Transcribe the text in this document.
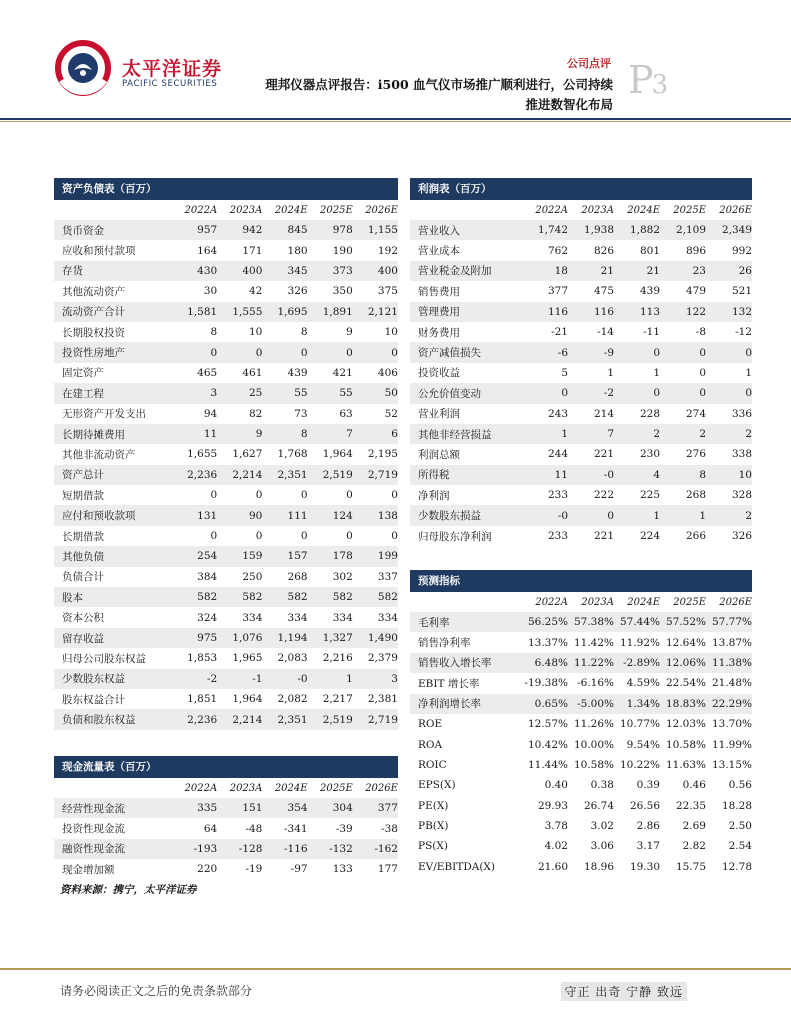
太平洋证券
PACIFIC SECURITIES
公司点评
理邦仪器点评报告：i500 血气仪市场推广顺利进行，公司持续
推进数智化布局
P3
资产负债表（百万）
2022A	2023A	2024E	2025E	2026E
货币资金	957	942	845	978	1,155
应收和预付款项	164	171	180	190	192
存货	430	400	345	373	400
其他流动资产	30	42	326	350	375
流动资产合计	1,581	1,555	1,695	1,891	2,121
长期股权投资	8	10	8	9	10
投资性房地产	0	0	0	0	0
固定资产	465	461	439	421	406
在建工程	3	25	55	55	50
无形资产开发支出	94	82	73	63	52
长期待摊费用	11	9	8	7	6
其他非流动资产	1,655	1,627	1,768	1,964	2,195
资产总计	2,236	2,214	2,351	2,519	2,719
短期借款	0	0	0	0	0
应付和预收款项	131	90	111	124	138
长期借款	0	0	0	0	0
其他负债	254	159	157	178	199
负债合计	384	250	268	302	337
股本	582	582	582	582	582
资本公积	324	334	334	334	334
留存收益	975	1,076	1,194	1,327	1,490
归母公司股东权益	1,853	1,965	2,083	2,216	2,379
少数股东权益	-2	-1	-0	1	3
股东权益合计	1,851	1,964	2,082	2,217	2,381
负债和股东权益	2,236	2,214	2,351	2,519	2,719
利润表（百万）
2022A	2023A	2024E	2025E	2026E
营业收入	1,742	1,938	1,882	2,109	2,349
营业成本	762	826	801	896	992
营业税金及附加	18	21	21	23	26
销售费用	377	475	439	479	521
管理费用	116	116	113	122	132
财务费用	-21	-14	-11	-8	-12
资产减值损失	-6	-9	0	0	0
投资收益	5	1	1	0	1
公允价值变动	0	-2	0	0	0
营业利润	243	214	228	274	336
其他非经营损益	1	7	2	2	2
利润总额	244	221	230	276	338
所得税	11	-0	4	8	10
净利润	233	222	225	268	328
少数股东损益	-0	0	1	1	2
归母股东净利润	233	221	224	266	326
预测指标
2022A	2023A	2024E	2025E	2026E
毛利率	56.25% 57.38% 57.44% 57.52% 57.77%
销售净利率	13.37% 11.42% 11.92% 12.64% 13.87%
销售收入增长率	6.48% 11.22% -2.89% 12.06% 11.38%
EBIT 增长率	-19.38% -6.16%	4.59% 22.54% 21.48%
净利润增长率	0.65% -5.00%	1.34% 18.83% 22.29%
ROE	12.57% 11.26% 10.77% 12.03% 13.70%
ROA	10.42% 10.00%	9.54% 10.58% 11.99%
ROIC	11.44% 10.58% 10.22% 11.63% 13.15%
EPS(X)	0.40	0.38	0.39	0.46	0.56
PE(X)	29.93	26.74	26.56	22.35	18.28
PB(X)	3.78	3.02	2.86	2.69	2.50
PS(X)	4.02	3.06	3.17	2.82	2.54
EV/EBITDA(X)	21.60	18.96	19.30	15.75	12.78
现金流量表（百万）
2022A	2023A	2024E	2025E	2026E
经营性现金流	335	151	354	304	377
投资性现金流	64	-48	-341	-39	-38
融资性现金流	-193	-128	-116	-132	-162
现金增加额	220	-19	-97	133	177
资料来源：携宁，太平洋证券
请务必阅读正文之后的免责条款部分	守正 出奇 宁静 致远
